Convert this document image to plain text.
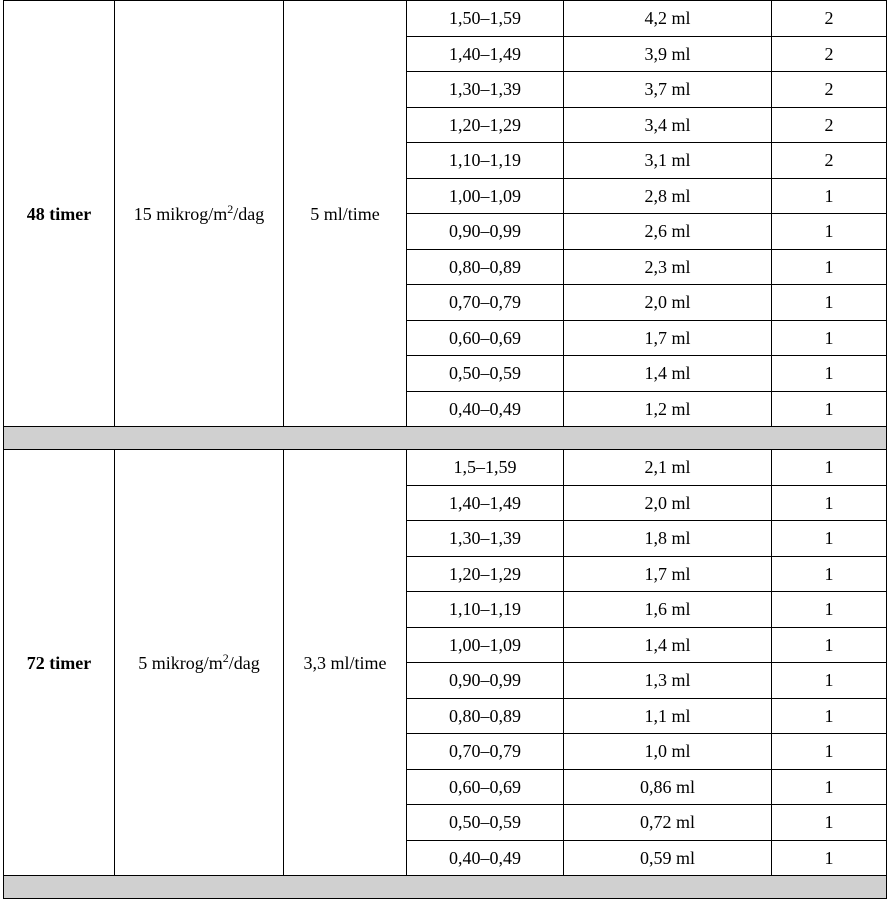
48 timer	15 mikrog/$m^2$/dag	5 ml/time	1,50–1,59	4,2 ml	2
			1,40–1,49	3,9 ml	2
			1,30–1,39	3,7 ml	2
			1,20–1,29	3,4 ml	2
			1,10–1,19	3,1 ml	2
			1,00–1,09	2,8 ml	1
			0,90–0,99	2,6 ml	1
			0,80–0,89	2,3 ml	1
			0,70–0,79	2,0 ml	1
			0,60–0,69	1,7 ml	1
			0,50–0,59	1,4 ml	1
			0,40–0,49	1,2 ml	1

72 timer	5 mikrog/$m^2$/dag	3,3 ml/time	1,5–1,59	2,1 ml	1
			1,40–1,49	2,0 ml	1
			1,30–1,39	1,8 ml	1
			1,20–1,29	1,7 ml	1
			1,10–1,19	1,6 ml	1
			1,00–1,09	1,4 ml	1
			0,90–0,99	1,3 ml	1
			0,80–0,89	1,1 ml	1
			0,70–0,79	1,0 ml	1
			0,60–0,69	0,86 ml	1
			0,50–0,59	0,72 ml	1
			0,40–0,49	0,59 ml	1
